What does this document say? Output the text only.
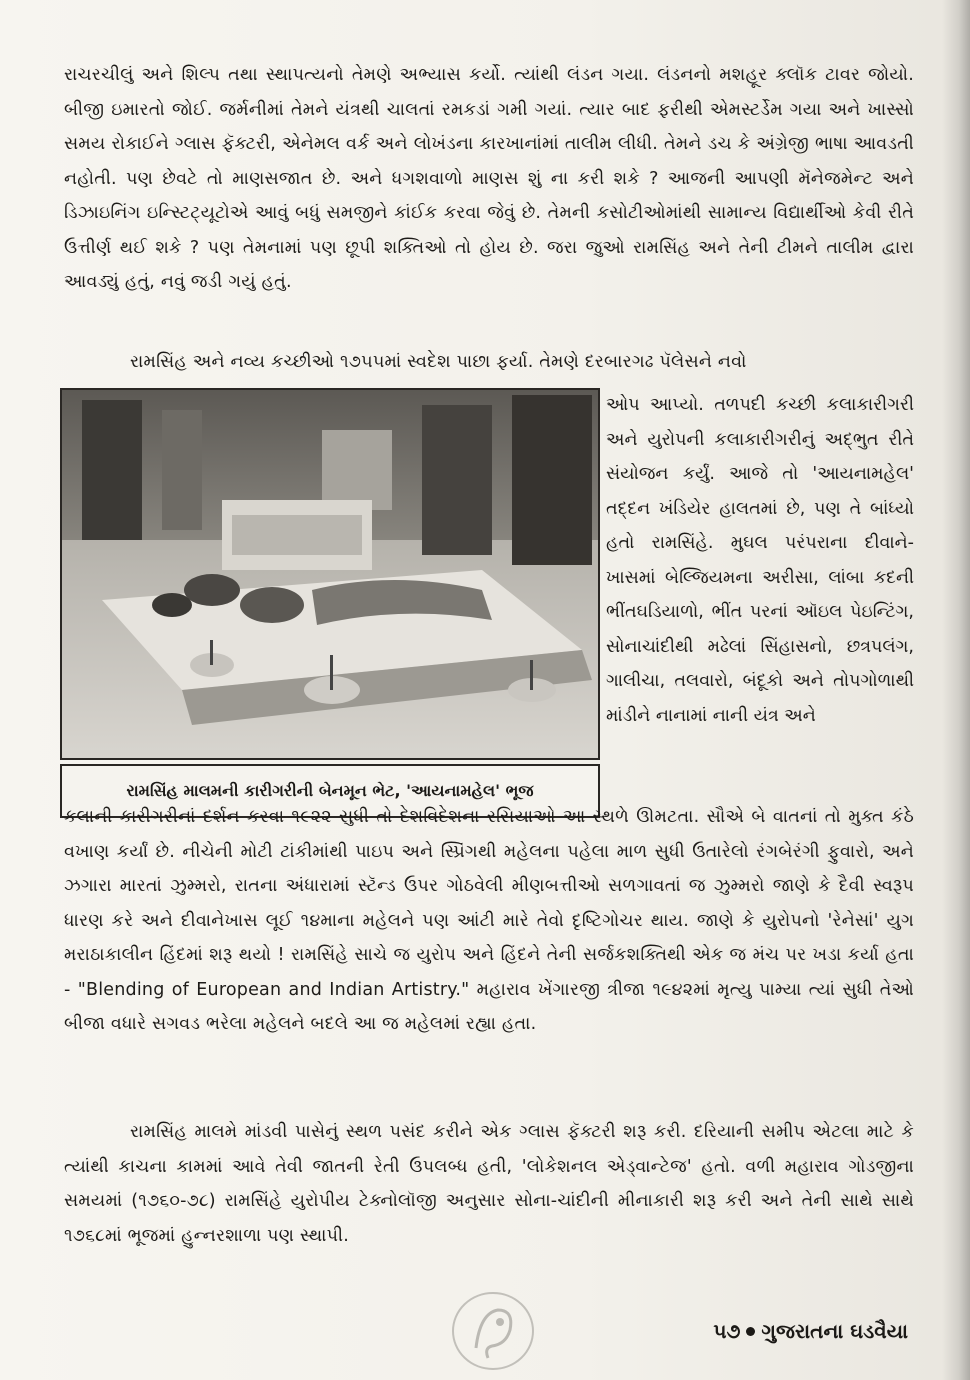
રાચરચીલું અને શિલ્પ તથા સ્થાપત્યનો તેમણે અભ્યાસ કર્યો. ત્યાંથી લંડન ગયા. લંડનનો મશહૂર ક્લૉક ટાવર જોયો. બીજી ઇમારતો જોઈ. જર્મનીમાં તેમને યંત્રથી ચાલતાં રમકડાં ગમી ગયાં. ત્યાર બાદ ફરીથી એમસ્ટર્ડેમ ગયા અને ખાસ્સો સમય રોકાઈને ગ્લાસ ફૅક્ટરી, એનેમલ વર્ક અને લોખંડના કારખાનાંમાં તાલીમ લીધી. તેમને ડચ કે અંગ્રેજી ભાષા આવડતી નહોતી. પણ છેવટે તો માણસજાત છે. અને ધગશવાળો માણસ શું ના કરી શકે ? આજની આપણી મૅનેજમેન્ટ અને ડિઝાઇનિંગ ઇન્સ્ટિટ્યૂટોએ આવું બધું સમજીને કાંઈક કરવા જેવું છે. તેમની કસોટીઓમાંથી સામાન્ય વિદ્યાર્થીઓ કેવી રીતે ઉત્તીર્ણ થઈ શકે ? પણ તેમનામાં પણ છૂપી શક્તિઓ તો હોય છે. જરા જુઓ રામસિંહ અને તેની ટીમને તાલીમ દ્વારા આવડ્યું હતું, નવું જડી ગયું હતું.

રામસિંહ અને નવ્ય કચ્છીઓ ૧૭૫૫માં સ્વદેશ પાછા ફર્યા. તેમણે દરબારગઢ પૅલેસને નવો

રામસિંહ માલમની કારીગરીની બેનમૂન ભેટ, 'આયનામહેલ' ભૂજ

ઓપ આપ્યો. તળપદી કચ્છી કલાકારીગરી અને યુરોપની કલાકારીગરીનું અદ્ભુત રીતે સંયોજન કર્યું. આજે તો 'આયનામહેલ' તદ્દન ખંડિયેર હાલતમાં છે, પણ તે બાંધ્યો હતો રામસિંહે. મુઘલ પરંપરાના દીવાને-ખાસમાં બેલ્જિયમના અરીસા, લાંબા કદની ભીંતઘડિયાળો, ભીંત પરનાં ઑઇલ પેઇન્ટિંગ, સોનાચાંદીથી મઢેલાં સિંહાસનો, છત્રપલંગ, ગાલીચા, તલવારો, બંદૂકો અને તોપગોળાથી માંડીને નાનામાં નાની યંત્ર અને

કલાની કારીગરીનાં દર્શન કરવા ૧૯૨૨ સુધી તો દેશવિદેશના રસિયાઓ આ સ્થળે ઊમટતા. સૌએ બે વાતનાં તો મુક્ત કંઠે વખાણ કર્યાં છે. નીચેની મોટી ટાંકીમાંથી પાઇપ અને સ્પ્રિંગથી મહેલના પહેલા માળ સુધી ઉતારેલો રંગબેરંગી ફુવારો, અને ઝગારા મારતાં ઝુમ્મરો, રાતના અંધારામાં સ્ટૅન્ડ ઉપર ગોઠવેલી મીણબત્તીઓ સળગાવતાં જ ઝુમ્મરો જાણે કે દૈવી સ્વરૂપ ધારણ કરે અને દીવાનેખાસ લૂઈ ૧૪માના મહેલને પણ આંટી મારે તેવો દૃષ્ટિગોચર થાય. જાણે કે યુરોપનો 'રેનેસાં' યુગ મરાઠાકાલીન હિંદમાં શરૂ થયો ! રામસિંહે સાચે જ યુરોપ અને હિંદને તેની સર્જકશક્તિથી એક જ મંચ પર ખડા કર્યા હતા - "Blending of European and Indian Artistry." મહારાવ ખેંગારજી ત્રીજા ૧૯૪૨માં મૃત્યુ પામ્યા ત્યાં સુધી તેઓ બીજા વધારે સગવડ ભરેલા મહેલને બદલે આ જ મહેલમાં રહ્યા હતા.

રામસિંહ માલમે માંડવી પાસેનું સ્થળ પસંદ કરીને એક ગ્લાસ ફૅક્ટરી શરૂ કરી. દરિયાની સમીપ એટલા માટે કે ત્યાંથી કાચના કામમાં આવે તેવી જાતની રેતી ઉપલબ્ધ હતી, 'લોકેશનલ એડ્વાન્ટેજ' હતો. વળી મહારાવ ગોડજીના સમયમાં (૧૭૬૦-૭૮) રામસિંહે યુરોપીય ટેક્નોલૉજી અનુસાર સોના-ચાંદીની મીનાકારી શરૂ કરી અને તેની સાથે સાથે ૧૭૬૮માં ભૂજમાં હુન્નરશાળા પણ સ્થાપી.

૫૭ ગુજરાતના ઘડવૈયા
